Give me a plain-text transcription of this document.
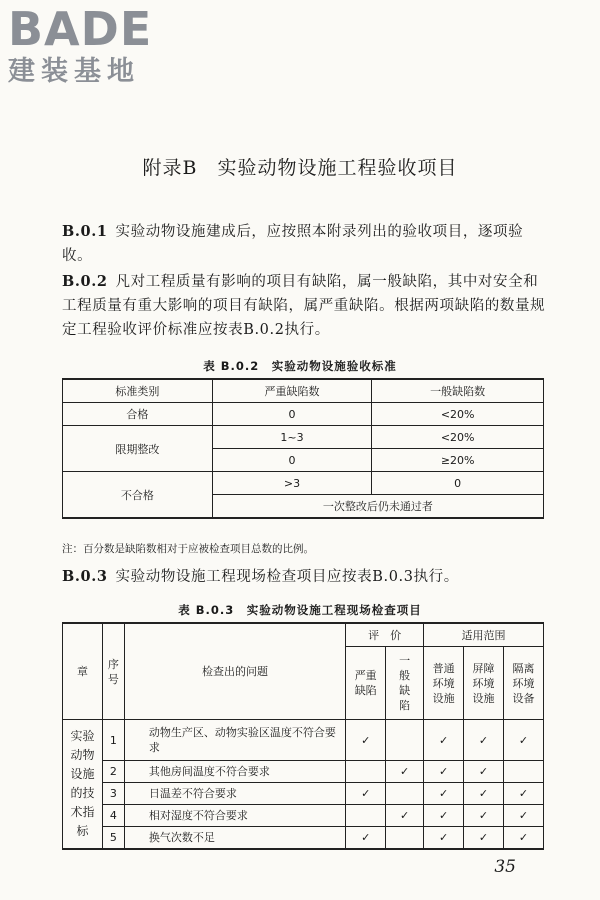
BADE
建装基地
附录B 实验动物设施工程验收项目

B.0.1 实验动物设施建成后，应按照本附录列出的验收项目，逐项验收。

B.0.2 凡对工程质量有影响的项目有缺陷，属一般缺陷，其中对安全和工程质量有重大影响的项目有缺陷，属严重缺陷。根据两项缺陷的数量规定工程验收评价标准应按表B.0.2执行。

表 B.0.2　实验动物设施验收标准
标准类别	严重缺陷数	一般缺陷数
合格	0	<20%
限期整改	1~3	<20%
	0	≥20%
不合格	>3	0
	一次整改后仍未通过者	
注：百分数是缺陷数相对于应被检查项目总数的比例。

B.0.3 实验动物设施工程现场检查项目应按表B.0.3执行。

表 B.0.3　实验动物设施工程现场检查项目
章	序号	检查出的问题	评　价		适用范围		
			严重缺陷	一般缺陷	普通环境设施	屏障环境设施	隔离环境设备
实验动物设施的技术指标	1	动物生产区、动物实验区温度不符合要求	✓		✓	✓	✓
	2	其他房间温度不符合要求		✓	✓	✓	
	3	日温差不符合要求	✓		✓	✓	✓
	4	相对湿度不符合要求		✓	✓	✓	✓
	5	换气次数不足	✓		✓	✓	✓
35
